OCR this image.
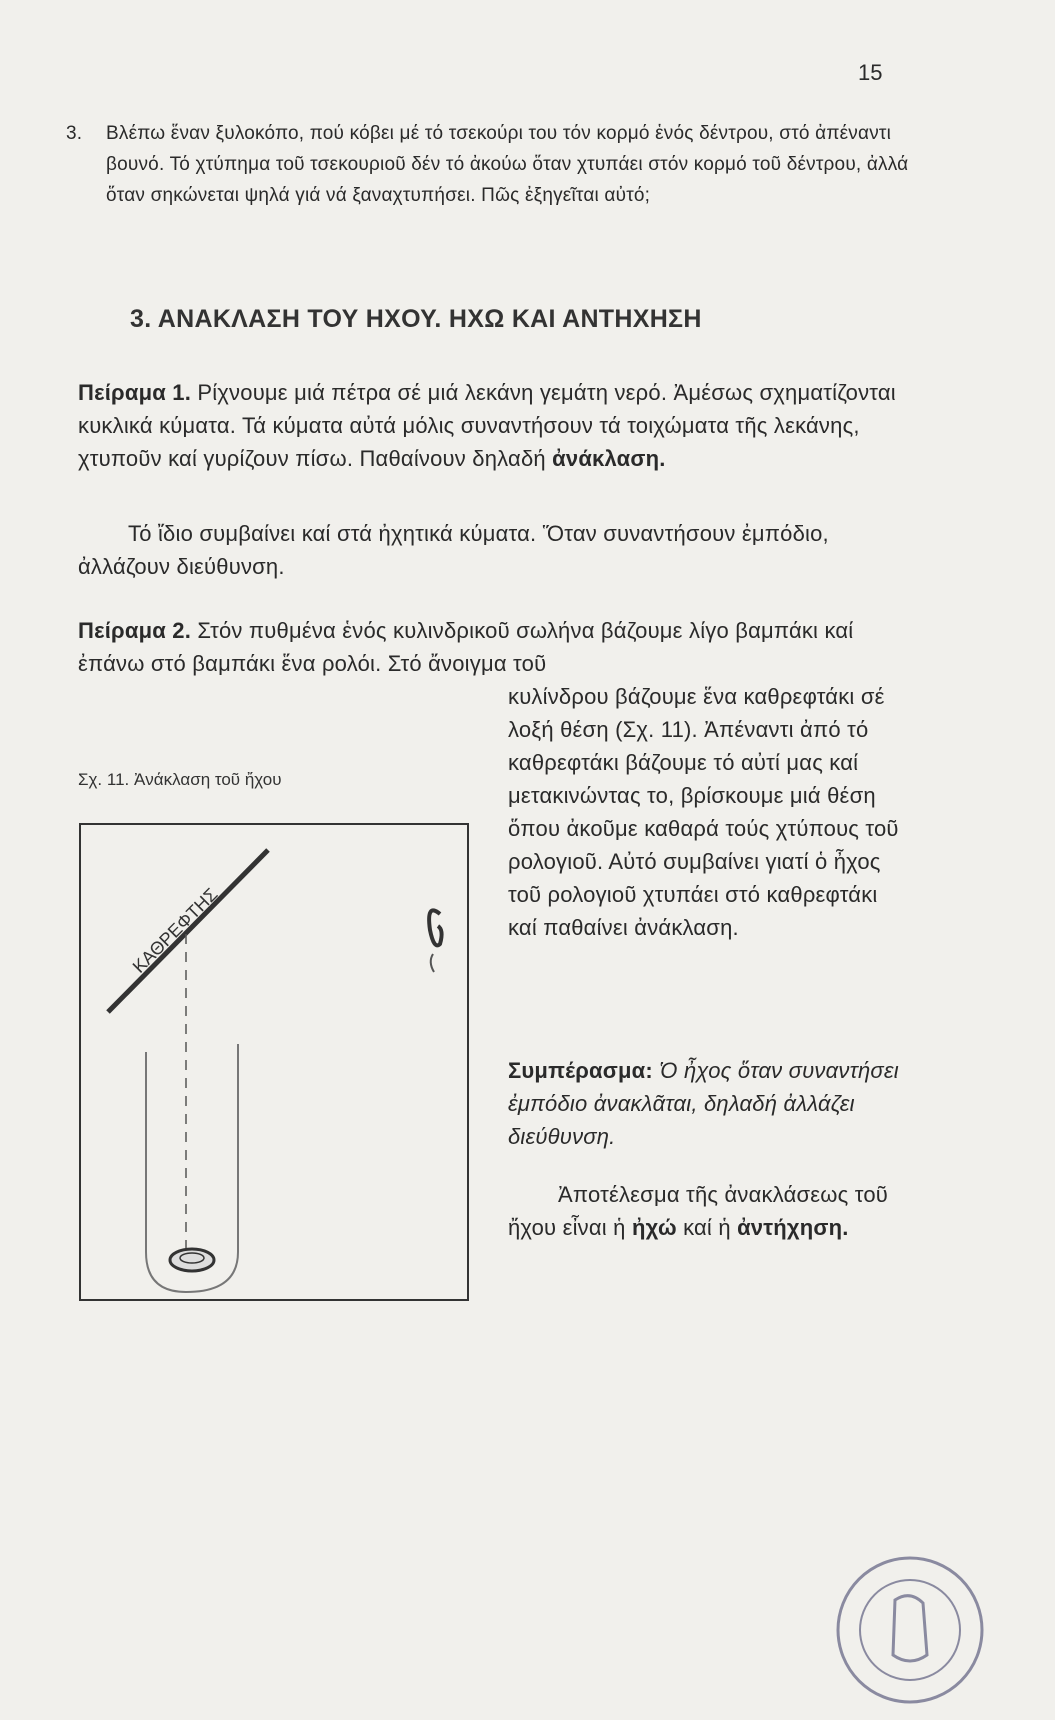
15
3. Βλέπω ἕναν ξυλοκόπο, πού κόβει μέ τό τσεκούρι του τόν κορμό ἑνός δέντρου, στό ἀπέναντι βουνό. Τό χτύπημα τοῦ τσεκουριοῦ δέν τό ἀκούω ὅταν χτυπάει στόν κορμό τοῦ δέντρου, ἀλλά ὅταν σηκώνεται ψηλά γιά νά ξαναχτυπήσει. Πῶς ἐξηγεῖται αὐτό;
3. ΑΝΑΚΛΑΣΗ ΤΟΥ ΗΧΟΥ. ΗΧΩ ΚΑΙ ΑΝΤΗΧΗΣΗ
Πείραμα 1. Ρίχνουμε μιά πέτρα σέ μιά λεκάνη γεμάτη νερό. Ἀμέσως σχηματίζονται κυκλικά κύματα. Τά κύματα αὐτά μόλις συναντήσουν τά τοιχώματα τῆς λεκάνης, χτυποῦν καί γυρίζουν πίσω. Παθαίνουν δηλαδή ἀνάκλαση.
Τό ἴδιο συμβαίνει καί στά ἠχητικά κύματα. Ὅταν συναντήσουν ἐμπόδιο, ἀλλάζουν διεύθυνση.
Πείραμα 2. Στόν πυθμένα ἑνός κυλινδρικοῦ σωλήνα βάζουμε λίγο βαμπάκι καί ἐπάνω στό βαμπάκι ἕνα ρολόι. Στό ἄνοιγμα τοῦ
κυλίνδρου βάζουμε ἕνα καθρεφτάκι σέ λοξή θέση (Σχ. 11). Ἀπέναντι ἀπό τό καθρεφτάκι βάζουμε τό αὐτί μας καί μετακινώντας το, βρίσκουμε μιά θέση ὅπου ἀκοῦμε καθαρά τούς χτύπους τοῦ ρολογιοῦ. Αὐτό συμβαίνει γιατί ὁ ἦχος τοῦ ρολογιοῦ χτυπάει στό καθρεφτάκι καί παθαίνει ἀνάκλαση.
Συμπέρασμα: Ὁ ἦχος ὅταν συναντήσει ἐμπόδιο ἀνακλᾶται, δηλαδή ἀλλάζει διεύθυνση.
Ἀποτέλεσμα τῆς ἀνακλάσεως τοῦ ἤχου εἶναι ἡ ἠχώ καί ἡ ἀντήχηση.
Σχ. 11. Ἀνάκλαση τοῦ ἤχου
ΚΑΘΡΕΦΤΗΣ
